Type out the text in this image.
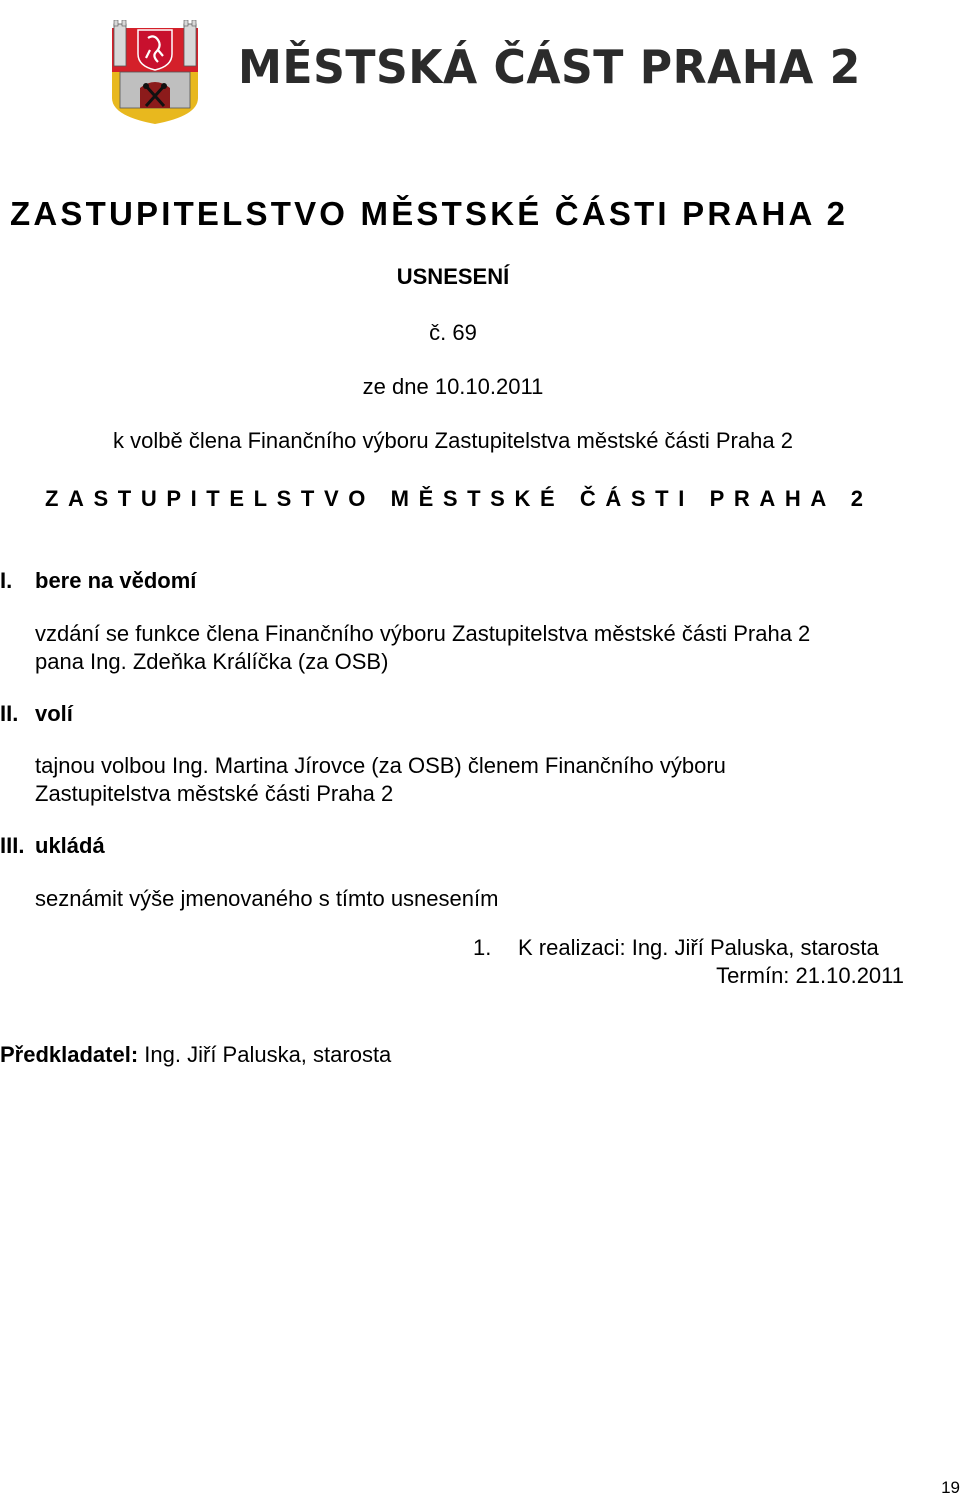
MĚSTSKÁ ČÁST PRAHA 2
ZASTUPITELSTVO MĚSTSKÉ ČÁSTI PRAHA 2
USNESENÍ
č. 69
ze dne 10.10.2011
k volbě člena Finančního výboru Zastupitelstva městské části Praha 2
ZASTUPITELSTVO MĚSTSKÉ ČÁSTI PRAHA 2
I. bere na vědomí
vzdání se funkce člena Finančního výboru Zastupitelstva městské části Praha 2
pana Ing. Zdeňka Králíčka (za OSB)
II. volí
tajnou volbou Ing. Martina Jírovce (za OSB) členem Finančního výboru
Zastupitelstva městské části Praha 2
III. ukládá
seznámit výše jmenovaného s tímto usnesením
1. K realizaci: Ing. Jiří Paluska, starosta
Termín: 21.10.2011
Předkladatel: Ing. Jiří Paluska, starosta
19
